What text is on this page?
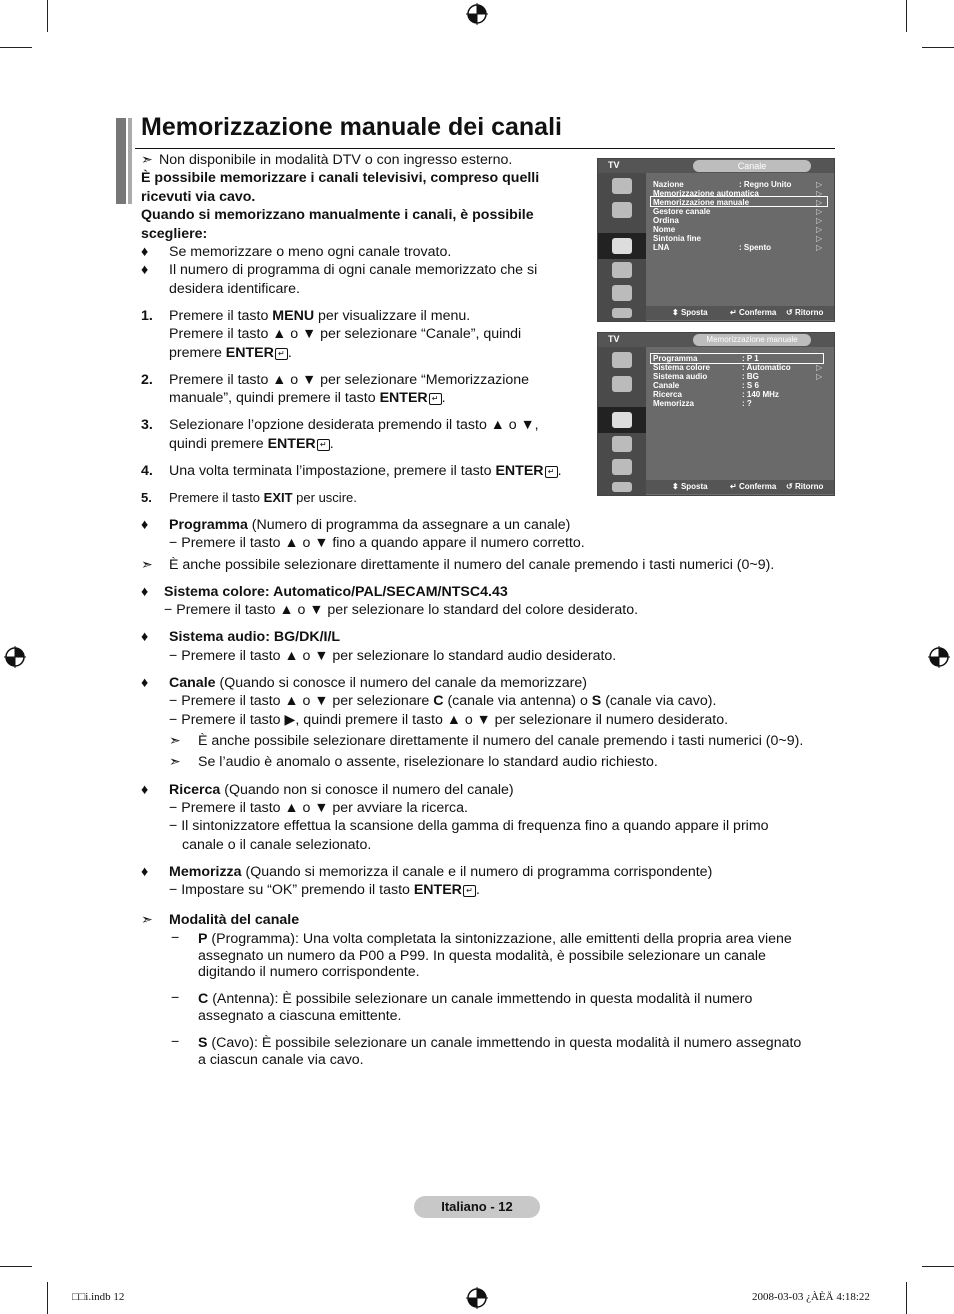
Memorizzazione manuale dei canali
➣ Non disponibile in modalità DTV o con ingresso esterno.
È possibile memorizzare i canali televisivi, compreso quelli
ricevuti via cavo.
Quando si memorizzano manualmente i canali, è possibile
scegliere:
♦ Se memorizzare o meno ogni canale trovato.
♦ Il numero di programma di ogni canale memorizzato che si
desidera identificare.
1. Premere il tasto MENU per visualizzare il menu.
Premere il tasto ▲ o ▼ per selezionare “Canale”, quindi
premere ENTER ↵ .
2. Premere il tasto ▲ o ▼ per selezionare “Memorizzazione
manuale”, quindi premere il tasto ENTER ↵ .
3. Selezionare l’opzione desiderata premendo il tasto ▲ o ▼,
quindi premere ENTER ↵ .
4. Una volta terminata l’impostazione, premere il tasto ENTER ↵ .
5. Premere il tasto EXIT per uscire.
♦ Programma (Numero di programma da assegnare a un canale)
− Premere il tasto ▲ o ▼ fino a quando appare il numero corretto.
➣ È anche possibile selezionare direttamente il numero del canale premendo i tasti numerici (0~9).
♦ Sistema colore: Automatico/PAL/SECAM/NTSC4.43
− Premere il tasto ▲ o ▼ per selezionare lo standard del colore desiderato.
♦ Sistema audio: BG/DK/I/L
− Premere il tasto ▲ o ▼ per selezionare lo standard audio desiderato.
♦ Canale (Quando si conosce il numero del canale da memorizzare)
− Premere il tasto ▲ o ▼ per selezionare C (canale via antenna) o S (canale via cavo).
− Premere il tasto ▶, quindi premere il tasto ▲ o ▼ per selezionare il numero desiderato.
➣ È anche possibile selezionare direttamente il numero del canale premendo i tasti numerici (0~9).
➣ Se l’audio è anomalo o assente, riselezionare lo standard audio richiesto.
♦ Ricerca (Quando non si conosce il numero del canale)
− Premere il tasto ▲ o ▼ per avviare la ricerca.
− Il sintonizzatore effettua la scansione della gamma di frequenza fino a quando appare il primo
canale o il canale selezionato.
♦ Memorizza (Quando si memorizza il canale e il numero di programma corrispondente)
− Impostare su “OK” premendo il tasto ENTER ↵ .
➣	Modalità del canale
− P (Programma): Una volta completata la sintonizzazione, alle emittenti della propria area viene
assegnato un numero da P00 a P99. In questa modalità, è possibile selezionare un canale
digitando il numero corrispondente.
− C (Antenna): È possibile selezionare un canale immettendo in questa modalità il numero
assegnato a ciascuna emittente.
− S (Cavo): È possibile selezionare un canale immettendo in questa modalità il numero assegnato
a ciascun canale via cavo.
TV	Canale
Nazione	: Regno Unito	▷
Memorizzazione automatica	▷
Memorizzazione manuale	▷
Gestore canale	▷
Ordina	▷
Nome	▷
Sintonia fine	▷
LNA	: Spento	▷
⬍ Sposta	↵ Conferma ↺ Ritorno
TV	Memorizzazione manuale
Programma	: P 1
Sistema colore	: Automatico	▷
Sistema audio	: BG	▷
Canale	: S 6
Ricerca	: 140 MHz
Memorizza	: ?
⬍ Sposta	↵ Conferma ↺ Ritorno
Italiano - 12
□□i.indb 12	2008-03-03 ¿ÀÈÄ 4:18:22
